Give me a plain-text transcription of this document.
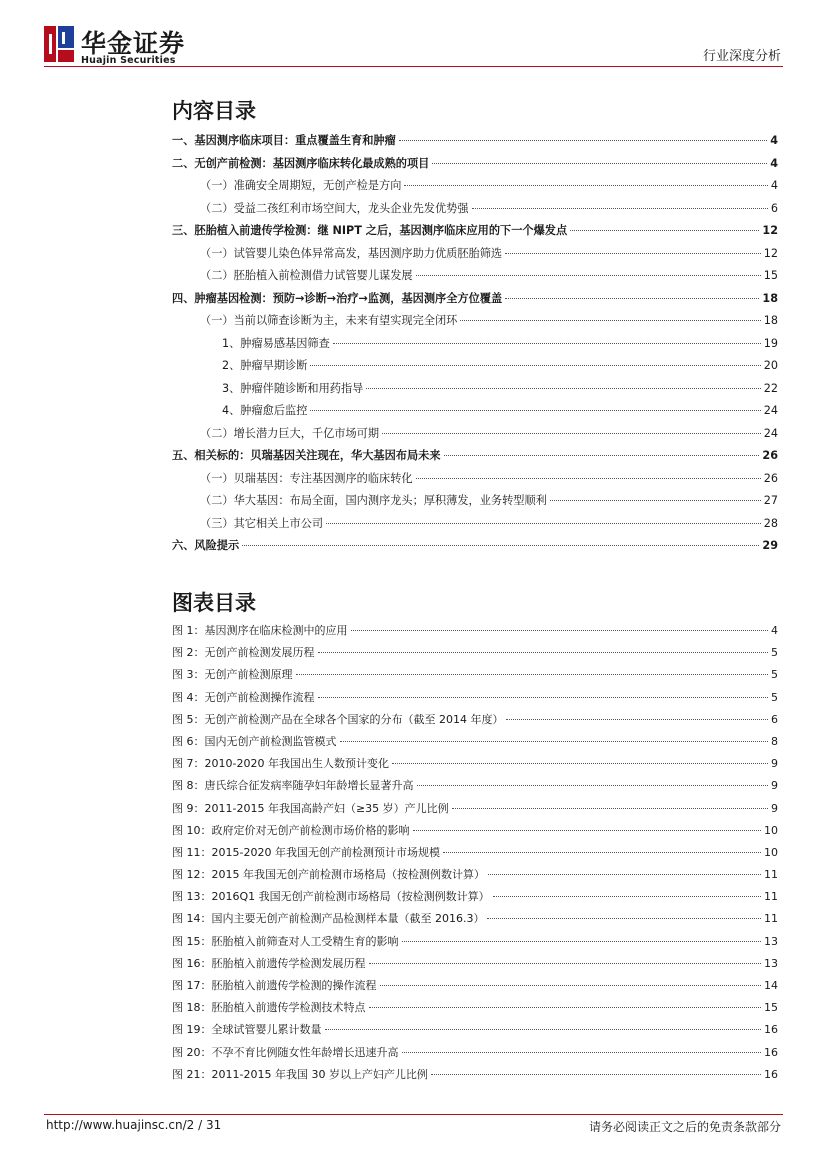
华金证券
Huajin Securities	行业深度分析
内容目录
一、基因测序临床项目：重点覆盖生育和肿瘤	4
二、无创产前检测：基因测序临床转化最成熟的项目	4
（一）准确安全周期短，无创产检是方向	4
（二）受益二孩红利市场空间大，龙头企业先发优势强	6
三、胚胎植入前遗传学检测：继 NIPT 之后，基因测序临床应用的下一个爆发点	12
（一）试管婴儿染色体异常高发，基因测序助力优质胚胎筛选	12
（二）胚胎植入前检测借力试管婴儿谋发展	15
四、肿瘤基因检测：预防→诊断→治疗→监测，基因测序全方位覆盖	18
（一）当前以筛查诊断为主，未来有望实现完全闭环	18
1、肿瘤易感基因筛查	19
2、肿瘤早期诊断	20
3、肿瘤伴随诊断和用药指导	22
4、肿瘤愈后监控	24
（二）增长潜力巨大，千亿市场可期	24
五、相关标的：贝瑞基因关注现在，华大基因布局未来	26
（一）贝瑞基因：专注基因测序的临床转化	26
（二）华大基因：布局全面，国内测序龙头；厚积薄发，业务转型顺利	27
（三）其它相关上市公司	28
六、风险提示	29
图表目录
图 1：基因测序在临床检测中的应用	4
图 2：无创产前检测发展历程	5
图 3：无创产前检测原理	5
图 4：无创产前检测操作流程	5
图 5：无创产前检测产品在全球各个国家的分布（截至 2014 年度）	6
图 6：国内无创产前检测监管模式	8
图 7：2010-2020 年我国出生人数预计变化	9
图 8：唐氏综合征发病率随孕妇年龄增长显著升高	9
图 9：2011-2015 年我国高龄产妇（≥35 岁）产儿比例	9
图 10：政府定价对无创产前检测市场价格的影响	10
图 11：2015-2020 年我国无创产前检测预计市场规模	10
图 12：2015 年我国无创产前检测市场格局（按检测例数计算）	11
图 13：2016Q1 我国无创产前检测市场格局（按检测例数计算）	11
图 14：国内主要无创产前检测产品检测样本量（截至 2016.3）	11
图 15：胚胎植入前筛查对人工受精生育的影响	13
图 16：胚胎植入前遗传学检测发展历程	13
图 17：胚胎植入前遗传学检测的操作流程	14
图 18：胚胎植入前遗传学检测技术特点	15
图 19：全球试管婴儿累计数量	16
图 20：不孕不育比例随女性年龄增长迅速升高	16
图 21：2011-2015 年我国 30 岁以上产妇产儿比例	16
http://www.huajinsc.cn/2 / 31	请务必阅读正文之后的免责条款部分
